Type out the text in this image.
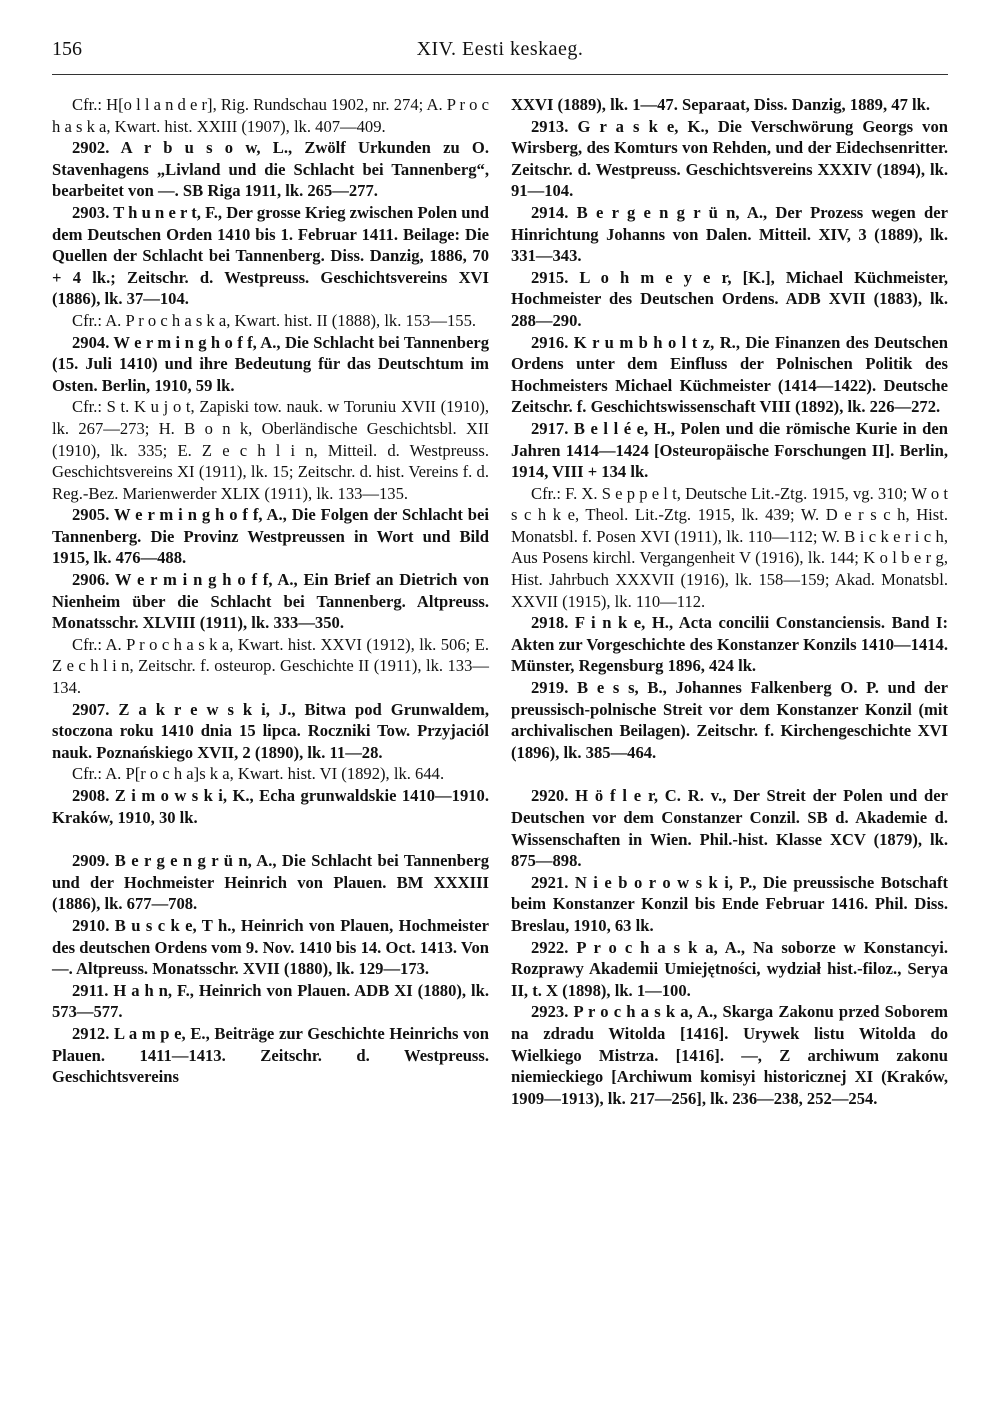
156	XIV. Eesti keskaeg.

Cfr.: H[o l l a n d e r], Rig. Rundschau 1902, nr. 274; A. P r o c h a s k a, Kwart. hist. XXIII (1907), lk. 407—409.

2902. A r b u s o w, L., Zwölf Urkunden zu O. Stavenhagens „Livland und die Schlacht bei Tannenberg“, bearbeitet von —. SB Riga 1911, lk. 265—277.

2903. T h u n e r t, F., Der grosse Krieg zwischen Polen und dem Deutschen Orden 1410 bis 1. Februar 1411. Beilage: Die Quellen der Schlacht bei Tannenberg. Diss. Danzig, 1886, 70 + 4 lk.; Zeitschr. d. Westpreuss. Geschichtsvereins XVI (1886), lk. 37—104.

Cfr.: A. P r o c h a s k a, Kwart. hist. II (1888), lk. 153—155.

2904. W e r m i n g h o f f, A., Die Schlacht bei Tannenberg (15. Juli 1410) und ihre Bedeutung für das Deutschtum im Osten. Berlin, 1910, 59 lk.

Cfr.: S t. K u j o t, Zapiski tow. nauk. w Toruniu XVII (1910), lk. 267—273; H. B o n k, Oberländische Geschichtsbl. XII (1910), lk. 335; E. Z e c h l i n, Mitteil. d. Westpreuss. Geschichtsvereins XI (1911), lk. 15; Zeitschr. d. hist. Vereins f. d. Reg.-Bez. Marienwerder XLIX (1911), lk. 133—135.

2905. W e r m i n g h o f f, A., Die Folgen der Schlacht bei Tannenberg. Die Provinz Westpreussen in Wort und Bild 1915, lk. 476—488.

2906. W e r m i n g h o f f, A., Ein Brief an Dietrich von Nienheim über die Schlacht bei Tannenberg. Altpreuss. Monatsschr. XLVIII (1911), lk. 333—350.

Cfr.: A. P r o c h a s k a, Kwart. hist. XXVI (1912), lk. 506; E. Z e c h l i n, Zeitschr. f. osteurop. Geschichte II (1911), lk. 133—134.

2907. Z a k r e w s k i, J., Bitwa pod Grunwaldem, stoczona roku 1410 dnia 15 lipca. Roczniki Tow. Przyjaciól nauk. Poznańskiego XVII, 2 (1890), lk. 11—28.

Cfr.: A. P[r o c h a]s k a, Kwart. hist. VI (1892), lk. 644.

2908. Z i m o w s k i, K., Echa grunwaldskie 1410—1910. Kraków, 1910, 30 lk.

2909. B e r g e n g r ü n, A., Die Schlacht bei Tannenberg und der Hochmeister Heinrich von Plauen. BM XXXIII (1886), lk. 677—708.

2910. B u s c k e, T h., Heinrich von Plauen, Hochmeister des deutschen Ordens vom 9. Nov. 1410 bis 14. Oct. 1413. Von —. Altpreuss. Monatsschr. XVII (1880), lk. 129—173.

2911. H a h n, F., Heinrich von Plauen. ADB XI (1880), lk. 573—577.

2912. L a m p e, E., Beiträge zur Geschichte Heinrichs von Plauen. 1411—1413. Zeitschr. d. Westpreuss. Geschichtsvereins

XXVI (1889), lk. 1—47. Separaat, Diss. Danzig, 1889, 47 lk.

2913. G r a s k e, K., Die Verschwörung Georgs von Wirsberg, des Komturs von Rehden, und der Eidechsenritter. Zeitschr. d. Westpreuss. Geschichtsvereins XXXIV (1894), lk. 91—104.

2914. B e r g e n g r ü n, A., Der Prozess wegen der Hinrichtung Johanns von Dalen. Mitteil. XIV, 3 (1889), lk. 331—343.

2915. L o h m e y e r, [K.], Michael Küchmeister, Hochmeister des Deutschen Ordens. ADB XVII (1883), lk. 288—290.

2916. K r u m b h o l t z, R., Die Finanzen des Deutschen Ordens unter dem Einfluss der Polnischen Politik des Hochmeisters Michael Küchmeister (1414—1422). Deutsche Zeitschr. f. Geschichtswissenschaft VIII (1892), lk. 226—272.

2917. B e l l é e, H., Polen und die römische Kurie in den Jahren 1414—1424 [Osteuropäische Forschungen II]. Berlin, 1914, VIII + 134 lk.

Cfr.: F. X. S e p p e l t, Deutsche Lit.-Ztg. 1915, vg. 310; W o t s c h k e, Theol. Lit.-Ztg. 1915, lk. 439; W. D e r s c h, Hist. Monatsbl. f. Posen XVI (1911), lk. 110—112; W. B i c k e r i c h, Aus Posens kirchl. Vergangenheit V (1916), lk. 144; K o l b e r g, Hist. Jahrbuch XXXVII (1916), lk. 158—159; Akad. Monatsbl. XXVII (1915), lk. 110—112.

2918. F i n k e, H., Acta concilii Constanciensis. Band I: Akten zur Vorgeschichte des Konstanzer Konzils 1410—1414. Münster, Regensburg 1896, 424 lk.

2919. B e s s, B., Johannes Falkenberg O. P. und der preussisch-polnische Streit vor dem Konstanzer Konzil (mit archivalischen Beilagen). Zeitschr. f. Kirchengeschichte XVI (1896), lk. 385—464.

2920. H ö f l e r, C. R. v., Der Streit der Polen und der Deutschen vor dem Constanzer Conzil. SB d. Akademie d. Wissenschaften in Wien. Phil.-hist. Klasse XCV (1879), lk. 875—898.

2921. N i e b o r o w s k i, P., Die preussische Botschaft beim Konstanzer Konzil bis Ende Februar 1416. Phil. Diss. Breslau, 1910, 63 lk.

2922. P r o c h a s k a, A., Na soborze w Konstancyi. Rozprawy Akademii Umiejętności, wydział hist.-filoz., Serya II, t. X (1898), lk. 1—100.

2923. P r o c h a s k a, A., Skarga Zakonu przed Soborem na zdradu Witolda [1416]. Urywek listu Witolda do Wielkiego Mistrza. [1416]. —, Z archiwum zakonu niemieckiego [Archiwum komisyi historicznej XI (Kraków, 1909—1913), lk. 217—256], lk. 236—238, 252—254.
